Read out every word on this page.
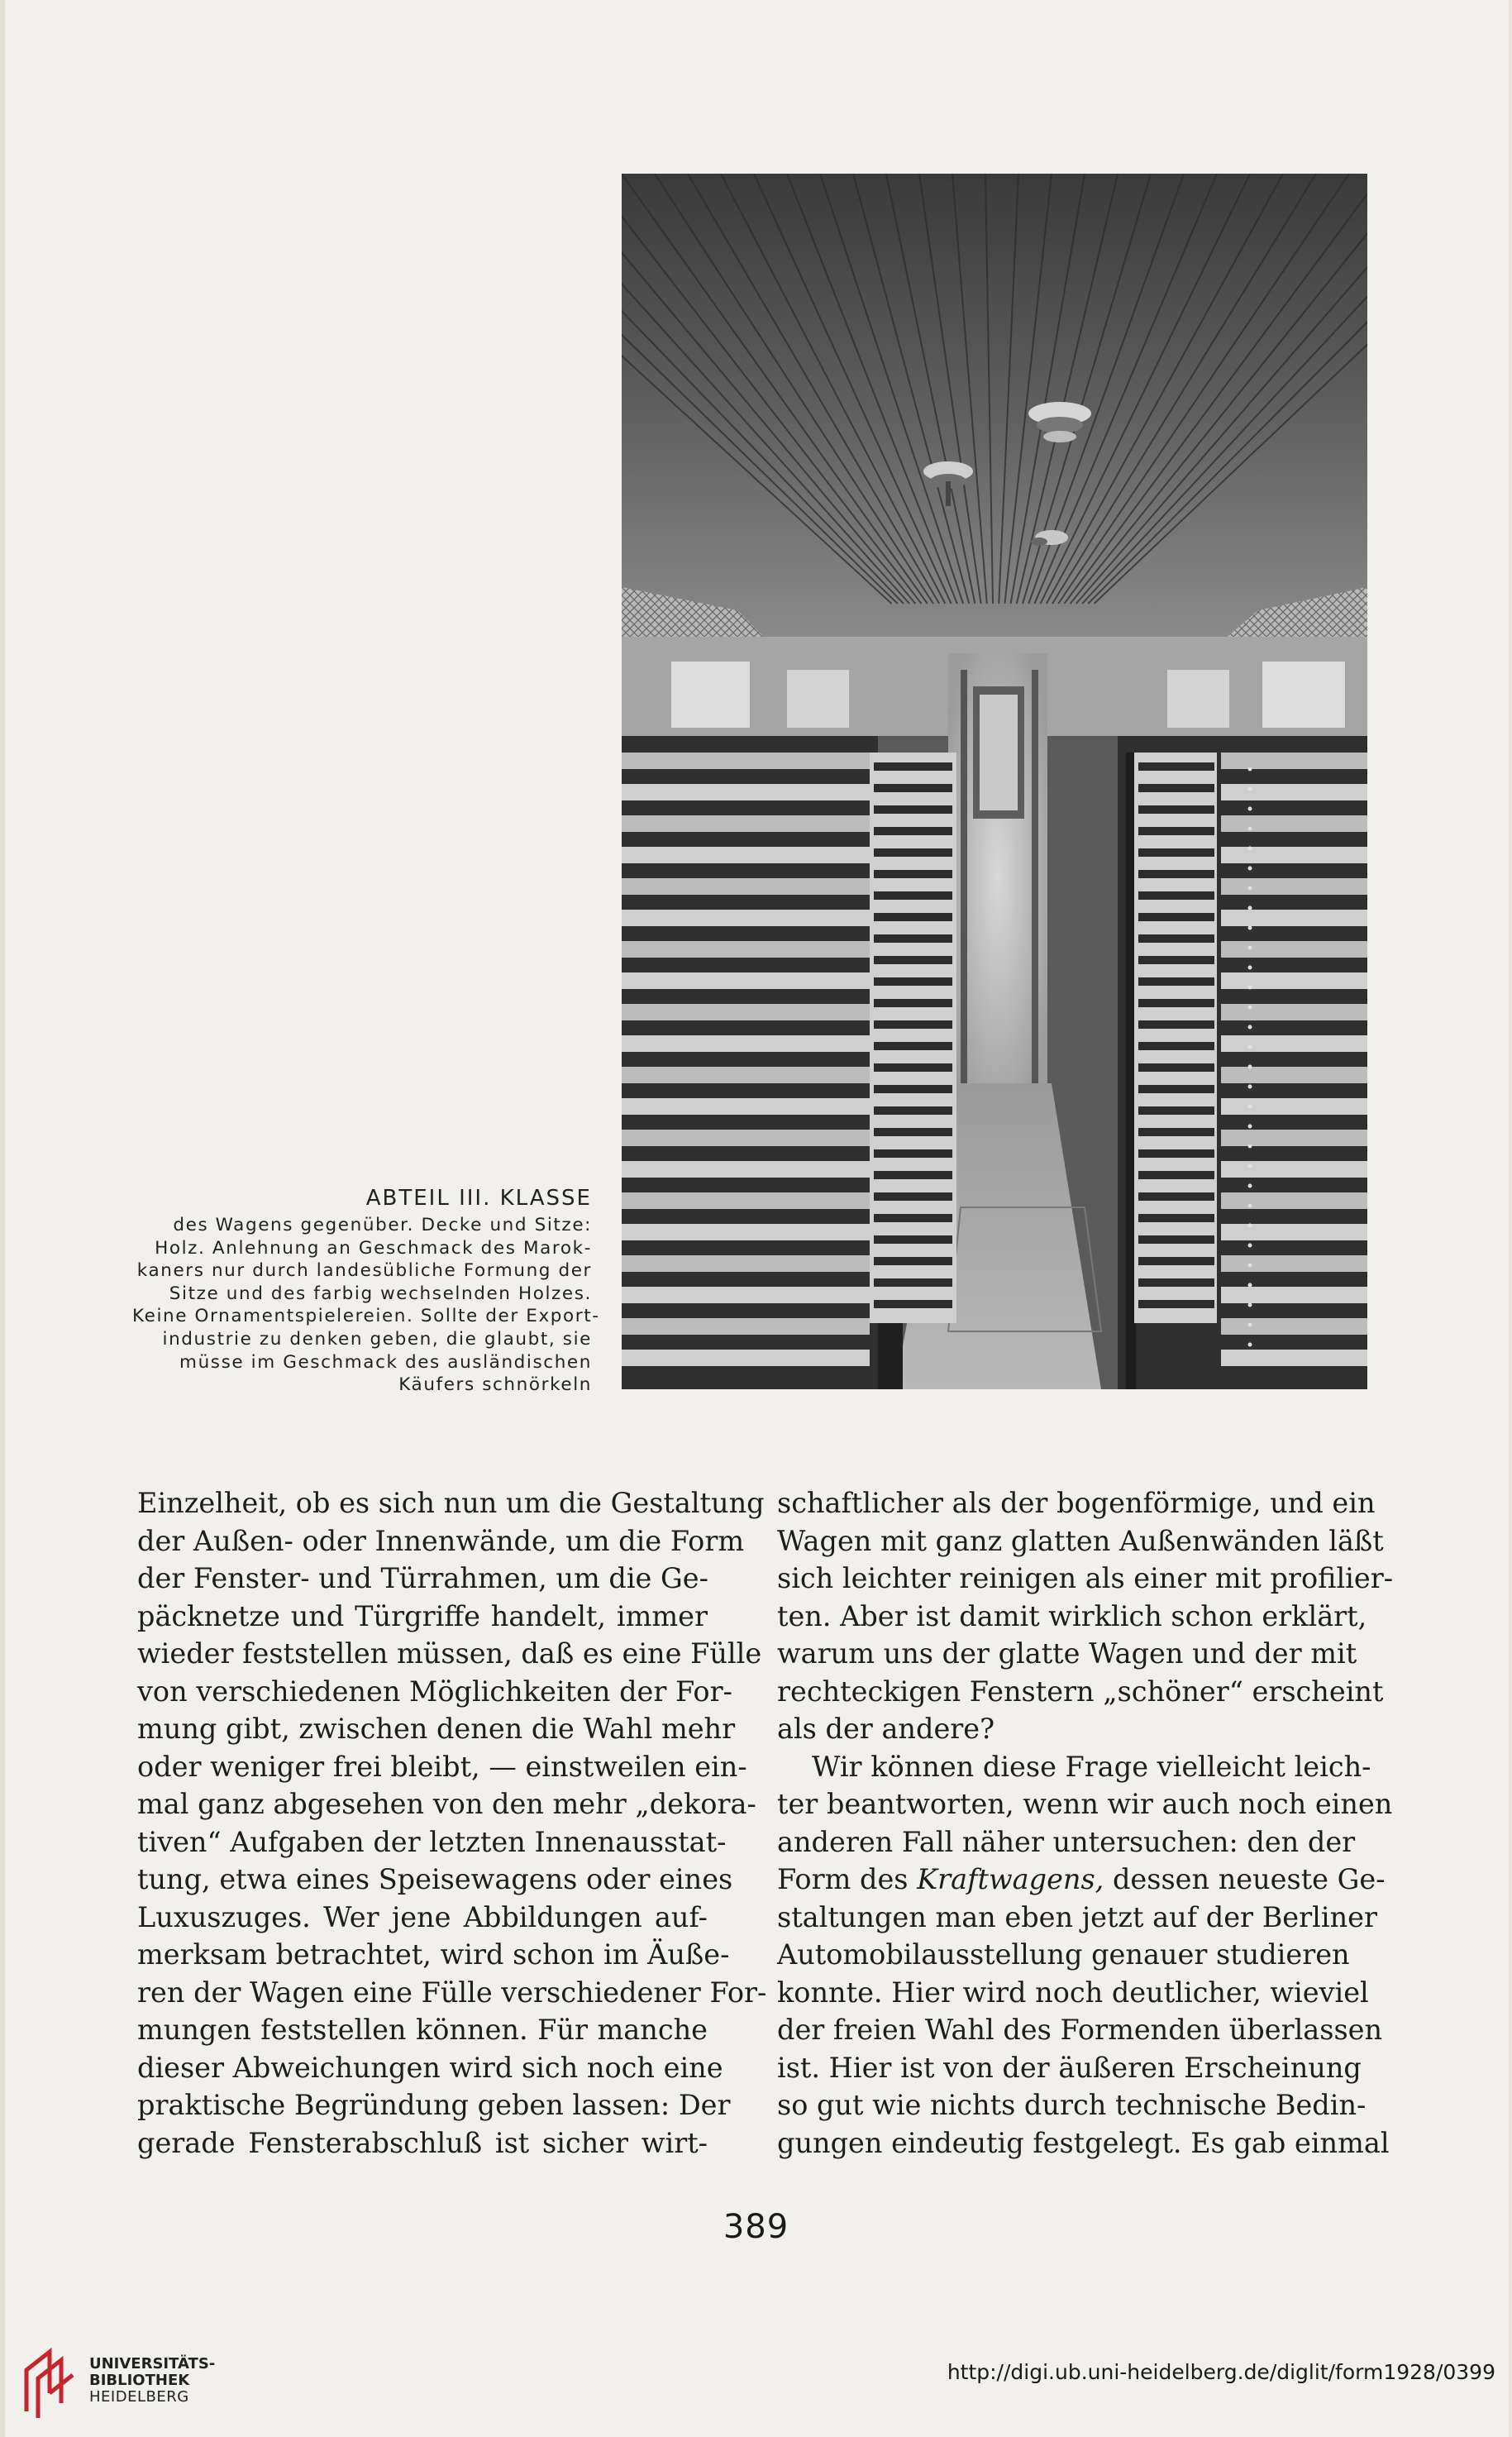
ABTEIL III. KLASSE
des Wagens gegenüber. Decke und Sitze:
Holz. Anlehnung an Geschmack des Marok-
kaners nur durch landesübliche Formung der
Sitze und des farbig wechselnden Holzes.
Keine Ornamentspielereien. Sollte der Export-
industrie zu denken geben, die glaubt, sie
müsse im Geschmack des ausländischen
Käufers schnörkeln
Einzelheit, ob es sich nun um die Gestaltung
der Außen- oder Innenwände, um die Form
der Fenster- und Türrahmen, um die Ge-
päcknetze und Türgriffe handelt, immer
wieder feststellen müssen, daß es eine Fülle
von verschiedenen Möglichkeiten der For-
mung gibt, zwischen denen die Wahl mehr
oder weniger frei bleibt, — einstweilen ein-
mal ganz abgesehen von den mehr „dekora-
tiven“ Aufgaben der letzten Innenausstat-
tung, etwa eines Speisewagens oder eines
Luxuszuges. Wer jene Abbildungen auf-
merksam betrachtet, wird schon im Äuße-
ren der Wagen eine Fülle verschiedener For-
mungen feststellen können. Für manche
dieser Abweichungen wird sich noch eine
praktische Begründung geben lassen: Der
gerade Fensterabschluß ist sicher wirt-
schaftlicher als der bogenförmige, und ein
Wagen mit ganz glatten Außenwänden läßt
sich leichter reinigen als einer mit profilier-
ten. Aber ist damit wirklich schon erklärt,
warum uns der glatte Wagen und der mit
rechteckigen Fenstern „schöner“ erscheint
als der andere?
Wir können diese Frage vielleicht leich-
ter beantworten, wenn wir auch noch einen
anderen Fall näher untersuchen: den der
Form des Kraftwagens, dessen neueste Ge-
staltungen man eben jetzt auf der Berliner
Automobilausstellung genauer studieren
konnte. Hier wird noch deutlicher, wieviel
der freien Wahl des Formenden überlassen
ist. Hier ist von der äußeren Erscheinung
so gut wie nichts durch technische Bedin-
gungen eindeutig festgelegt. Es gab einmal
389
UNIVERSITÄTS-
BIBLIOTHEK
HEIDELBERG
http://digi.ub.uni-heidelberg.de/diglit/form1928/0399
